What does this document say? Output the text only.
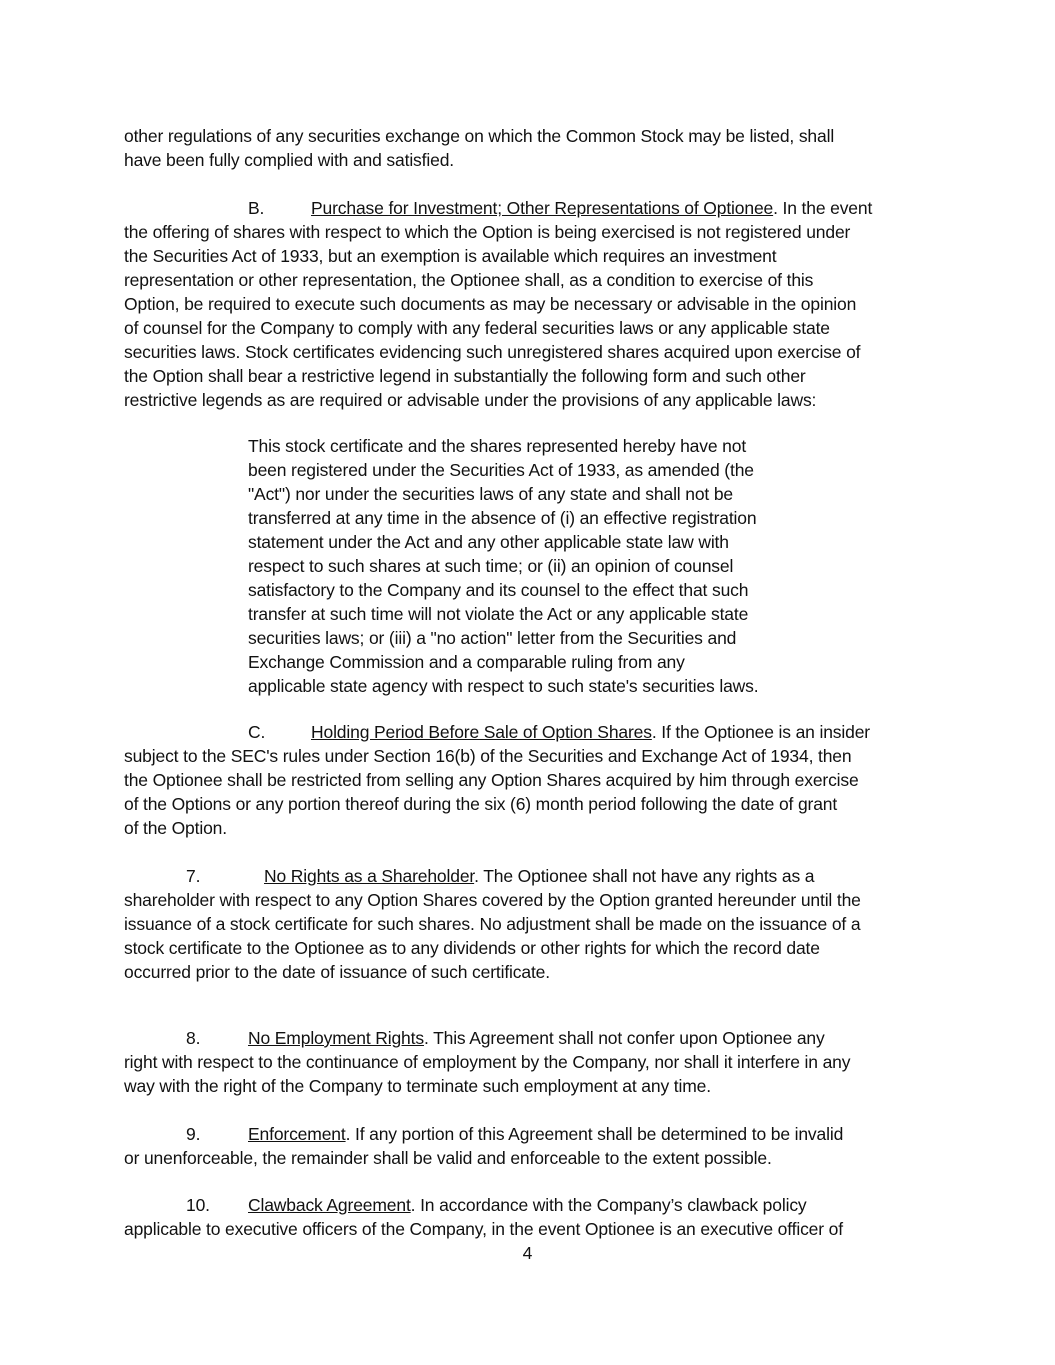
other regulations of any securities exchange on which the Common Stock may be listed, shall
have been fully complied with and satisfied.
B.	Purchase for Investment; Other Representations of Optionee. In the event
the offering of shares with respect to which the Option is being exercised is not registered under
the Securities Act of 1933, but an exemption is available which requires an investment
representation or other representation, the Optionee shall, as a condition to exercise of this
Option, be required to execute such documents as may be necessary or advisable in the opinion
of counsel for the Company to comply with any federal securities laws or any applicable state
securities laws. Stock certificates evidencing such unregistered shares acquired upon exercise of
the Option shall bear a restrictive legend in substantially the following form and such other
restrictive legends as are required or advisable under the provisions of any applicable laws:
This stock certificate and the shares represented hereby have not
been registered under the Securities Act of 1933, as amended (the
"Act") nor under the securities laws of any state and shall not be
transferred at any time in the absence of (i) an effective registration
statement under the Act and any other applicable state law with
respect to such shares at such time; or (ii) an opinion of counsel
satisfactory to the Company and its counsel to the effect that such
transfer at such time will not violate the Act or any applicable state
securities laws; or (iii) a "no action" letter from the Securities and
Exchange Commission and a comparable ruling from any
applicable state agency with respect to such state's securities laws.
C.	Holding Period Before Sale of Option Shares. If the Optionee is an insider
subject to the SEC's rules under Section 16(b) of the Securities and Exchange Act of 1934, then
the Optionee shall be restricted from selling any Option Shares acquired by him through exercise
of the Options or any portion thereof during the six (6) month period following the date of grant
of the Option.
7.	No Rights as a Shareholder. The Optionee shall not have any rights as a
shareholder with respect to any Option Shares covered by the Option granted hereunder until the
issuance of a stock certificate for such shares. No adjustment shall be made on the issuance of a
stock certificate to the Optionee as to any dividends or other rights for which the record date
occurred prior to the date of issuance of such certificate.
8.	No Employment Rights. This Agreement shall not confer upon Optionee any
right with respect to the continuance of employment by the Company, nor shall it interfere in any
way with the right of the Company to terminate such employment at any time.
9.	Enforcement. If any portion of this Agreement shall be determined to be invalid
or unenforceable, the remainder shall be valid and enforceable to the extent possible.
10. Clawback Agreement. In accordance with the Company’s clawback policy
applicable to executive officers of the Company, in the event Optionee is an executive officer of
4
